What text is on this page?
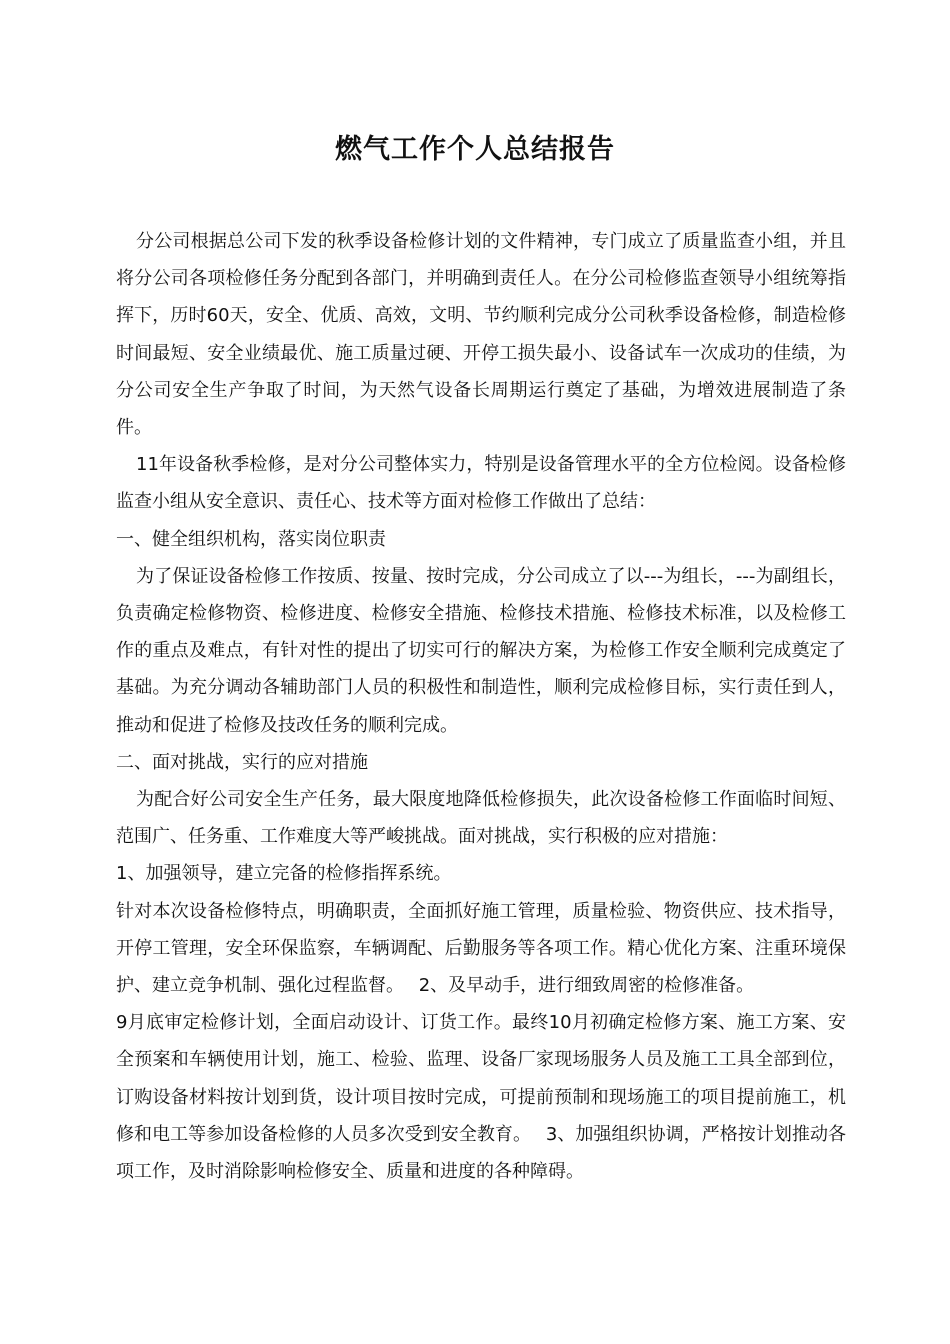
燃气工作个人总结报告

分公司根据总公司下发的秋季设备检修计划的文件精神，专门成立了质量监查小组，并且将分公司各项检修任务分配到各部门，并明确到责任人。在分公司检修监查领导小组统筹指挥下，历时60天，安全、优质、高效，文明、节约顺利完成分公司秋季设备检修，制造检修时间最短、安全业绩最优、施工质量过硬、开停工损失最小、设备试车一次成功的佳绩，为分公司安全生产争取了时间，为天然气设备长周期运行奠定了基础，为增效进展制造了条件。

11年设备秋季检修，是对分公司整体实力，特别是设备管理水平的全方位检阅。设备检修监查小组从安全意识、责任心、技术等方面对检修工作做出了总结：

一、健全组织机构，落实岗位职责

为了保证设备检修工作按质、按量、按时完成，分公司成立了以---为组长，---为副组长，负责确定检修物资、检修进度、检修安全措施、检修技术措施、检修技术标准，以及检修工作的重点及难点，有针对性的提出了切实可行的解决方案，为检修工作安全顺利完成奠定了基础。为充分调动各辅助部门人员的积极性和制造性，顺利完成检修目标，实行责任到人，推动和促进了检修及技改任务的顺利完成。

二、面对挑战，实行的应对措施

为配合好公司安全生产任务，最大限度地降低检修损失，此次设备检修工作面临时间短、范围广、任务重、工作难度大等严峻挑战。面对挑战，实行积极的应对措施：

1、加强领导，建立完备的检修指挥系统。

针对本次设备检修特点，明确职责，全面抓好施工管理，质量检验、物资供应、技术指导，开停工管理，安全环保监察，车辆调配、后勤服务等各项工作。精心优化方案、注重环境保护、建立竞争机制、强化过程监督。　 2、及早动手，进行细致周密的检修准备。

9月底审定检修计划，全面启动设计、订货工作。最终10月初确定检修方案、施工方案、安全预案和车辆使用计划，施工、检验、监理、设备厂家现场服务人员及施工工具全部到位，订购设备材料按计划到货，设计项目按时完成，可提前预制和现场施工的项目提前施工，机修和电工等参加设备检修的人员多次受到安全教育。　 3、加强组织协调，严格按计划推动各项工作，及时消除影响检修安全、质量和进度的各种障碍。
